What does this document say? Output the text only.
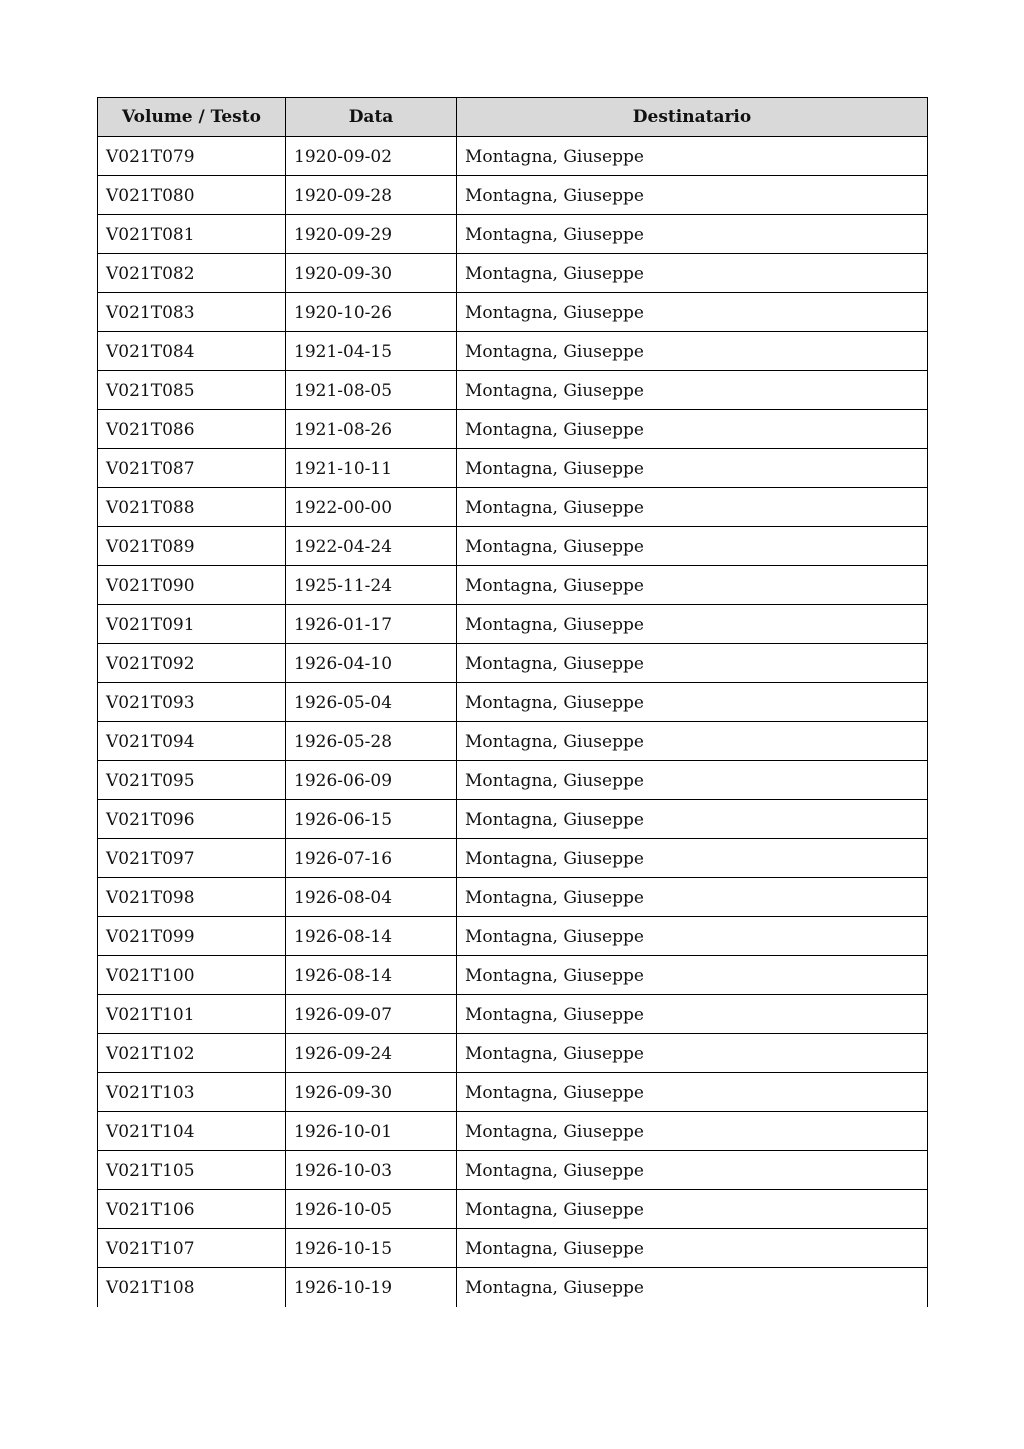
Volume / Testo	Data	Destinatario
V021T079	1920-09-02	Montagna, Giuseppe
V021T080	1920-09-28	Montagna, Giuseppe
V021T081	1920-09-29	Montagna, Giuseppe
V021T082	1920-09-30	Montagna, Giuseppe
V021T083	1920-10-26	Montagna, Giuseppe
V021T084	1921-04-15	Montagna, Giuseppe
V021T085	1921-08-05	Montagna, Giuseppe
V021T086	1921-08-26	Montagna, Giuseppe
V021T087	1921-10-11	Montagna, Giuseppe
V021T088	1922-00-00	Montagna, Giuseppe
V021T089	1922-04-24	Montagna, Giuseppe
V021T090	1925-11-24	Montagna, Giuseppe
V021T091	1926-01-17	Montagna, Giuseppe
V021T092	1926-04-10	Montagna, Giuseppe
V021T093	1926-05-04	Montagna, Giuseppe
V021T094	1926-05-28	Montagna, Giuseppe
V021T095	1926-06-09	Montagna, Giuseppe
V021T096	1926-06-15	Montagna, Giuseppe
V021T097	1926-07-16	Montagna, Giuseppe
V021T098	1926-08-04	Montagna, Giuseppe
V021T099	1926-08-14	Montagna, Giuseppe
V021T100	1926-08-14	Montagna, Giuseppe
V021T101	1926-09-07	Montagna, Giuseppe
V021T102	1926-09-24	Montagna, Giuseppe
V021T103	1926-09-30	Montagna, Giuseppe
V021T104	1926-10-01	Montagna, Giuseppe
V021T105	1926-10-03	Montagna, Giuseppe
V021T106	1926-10-05	Montagna, Giuseppe
V021T107	1926-10-15	Montagna, Giuseppe
V021T108	1926-10-19	Montagna, Giuseppe
